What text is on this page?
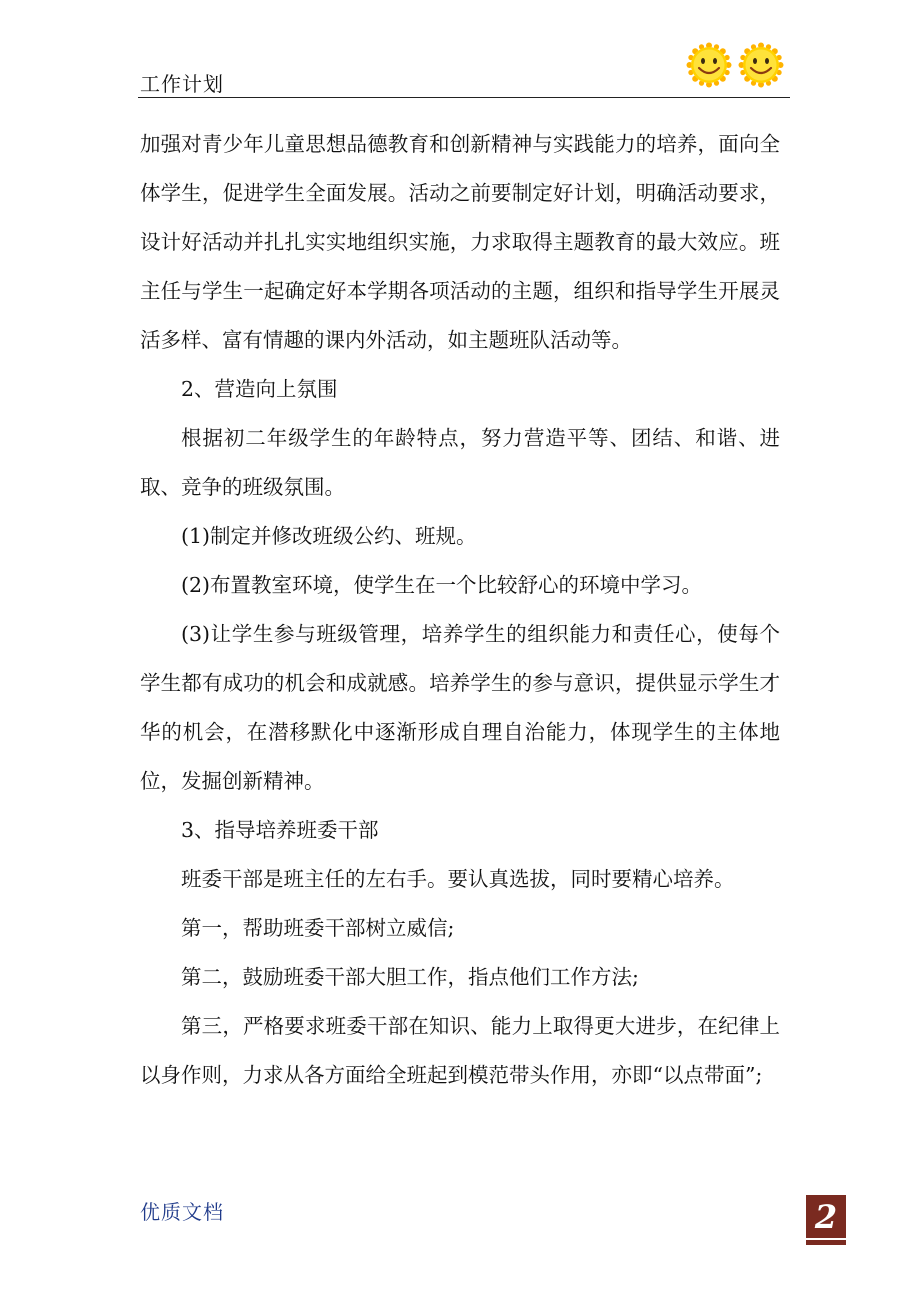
工作计划

加强对青少年儿童思想品德教育和创新精神与实践能力的培养，面向全体学生，促进学生全面发展。活动之前要制定好计划，明确活动要求，设计好活动并扎扎实实地组织实施，力求取得主题教育的最大效应。班主任与学生一起确定好本学期各项活动的主题，组织和指导学生开展灵活多样、富有情趣的课内外活动，如主题班队活动等。

2、营造向上氛围

根据初二年级学生的年龄特点，努力营造平等、团结、和谐、进取、竞争的班级氛围。

(1)制定并修改班级公约、班规。

(2)布置教室环境，使学生在一个比较舒心的环境中学习。

(3)让学生参与班级管理，培养学生的组织能力和责任心，使每个学生都有成功的机会和成就感。培养学生的参与意识，提供显示学生才华的机会，在潜移默化中逐渐形成自理自治能力，体现学生的主体地位，发掘创新精神。

3、指导培养班委干部

班委干部是班主任的左右手。要认真选拔，同时要精心培养。

第一，帮助班委干部树立威信;

第二，鼓励班委干部大胆工作，指点他们工作方法;

第三，严格要求班委干部在知识、能力上取得更大进步，在纪律上以身作则，力求从各方面给全班起到模范带头作用，亦即“以点带面”;

优质文档	2
